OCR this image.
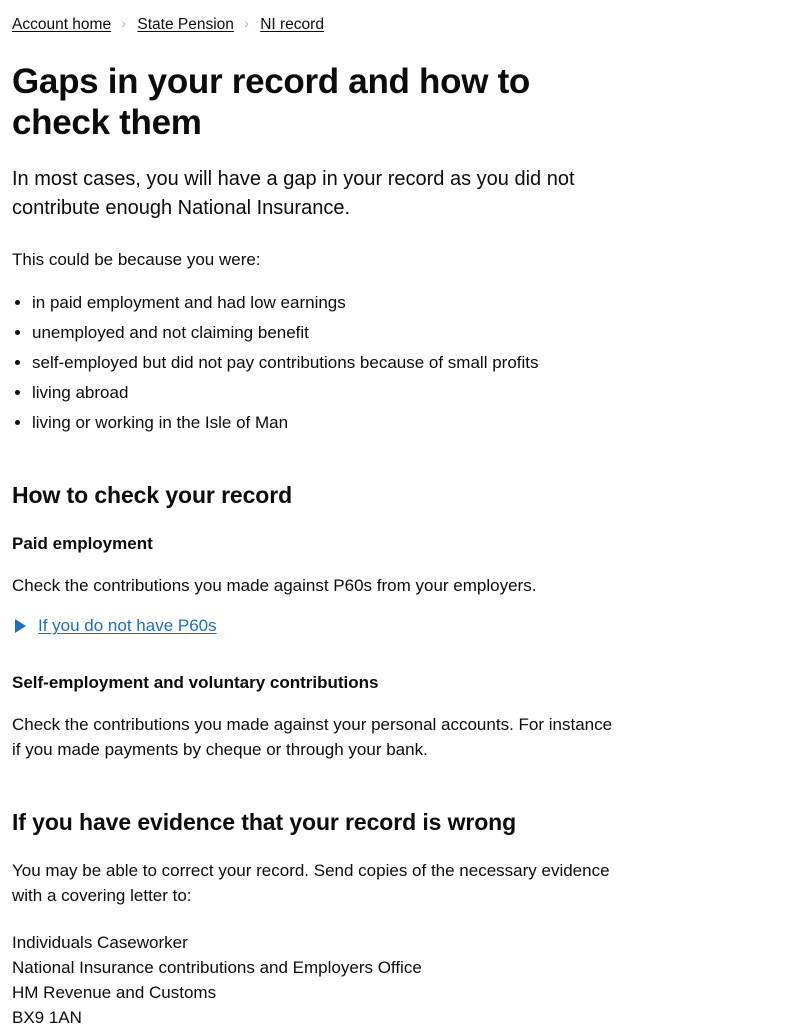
Account home › State Pension › NI record
Gaps in your record and how to check them

In most cases, you will have a gap in your record as you did not contribute enough National Insurance.

This could be because you were:

• in paid employment and had low earnings
• unemployed and not claiming benefit
• self-employed but did not pay contributions because of small profits
• living abroad
• living or working in the Isle of Man
How to check your record
Paid employment

Check the contributions you made against P60s from your employers.

If you do not have P60s
Self-employment and voluntary contributions

Check the contributions you made against your personal accounts. For instance if you made payments by cheque or through your bank.

If you have evidence that your record is wrong

You may be able to correct your record. Send copies of the necessary evidence with a covering letter to:

Individuals Caseworker
National Insurance contributions and Employers Office
HM Revenue and Customs
BX9 1AN
